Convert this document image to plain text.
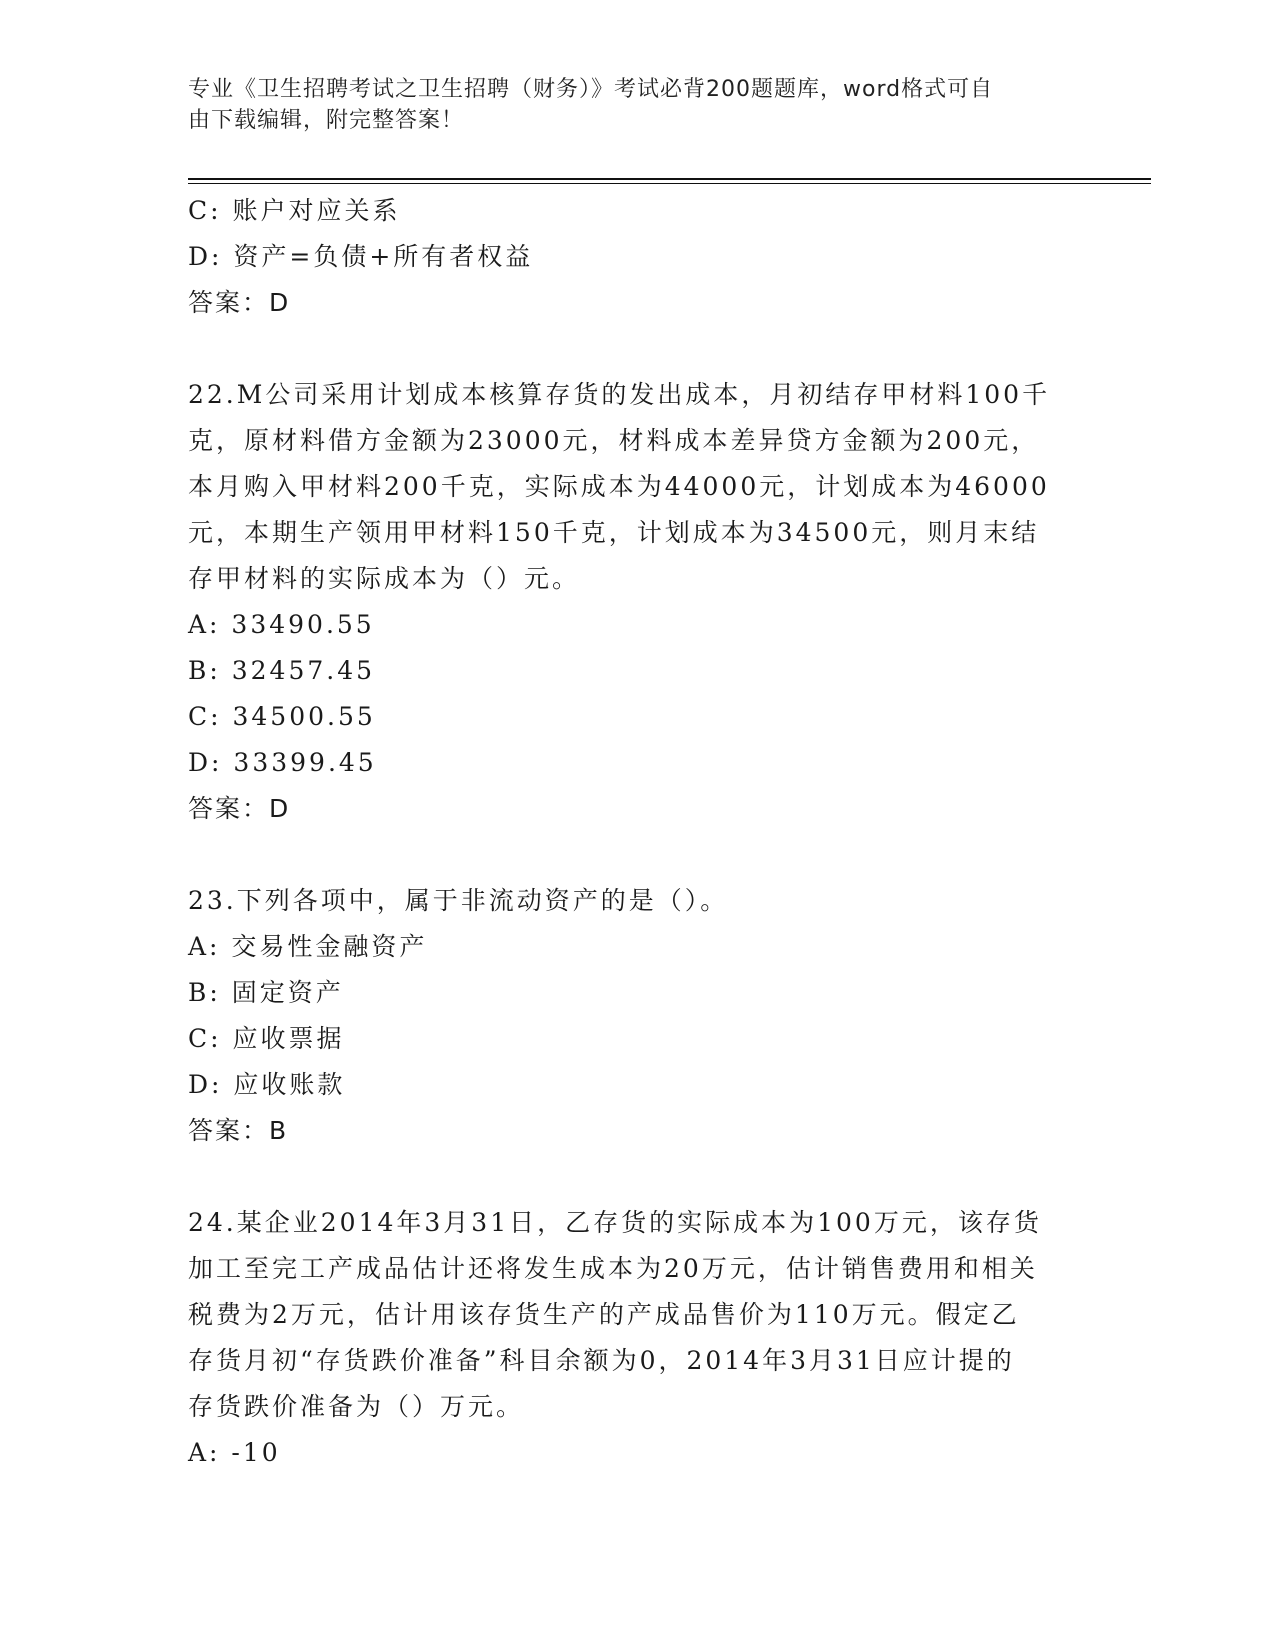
专业《卫生招聘考试之卫生招聘（财务）》考试必背200题题库，word格式可自
由下载编辑，附完整答案！
C: 账户对应关系
D: 资产=负债+所有者权益
答案：D
22.M公司采用计划成本核算存货的发出成本，月初结存甲材料100千
克，原材料借方金额为23000元，材料成本差异贷方金额为200元，
本月购入甲材料200千克，实际成本为44000元，计划成本为46000
元，本期生产领用甲材料150千克，计划成本为34500元，则月末结
存甲材料的实际成本为（）元。
A: 33490.55
B: 32457.45
C: 34500.55
D: 33399.45
答案：D
23.下列各项中，属于非流动资产的是（）。
A: 交易性金融资产
B: 固定资产
C: 应收票据
D: 应收账款
答案：B
24.某企业2014年3月31日，乙存货的实际成本为100万元，该存货
加工至完工产成品估计还将发生成本为20万元，估计销售费用和相关
税费为2万元，估计用该存货生产的产成品售价为110万元。假定乙
存货月初“存货跌价准备”科目余额为0，2014年3月31日应计提的
存货跌价准备为（）万元。
A: -10
